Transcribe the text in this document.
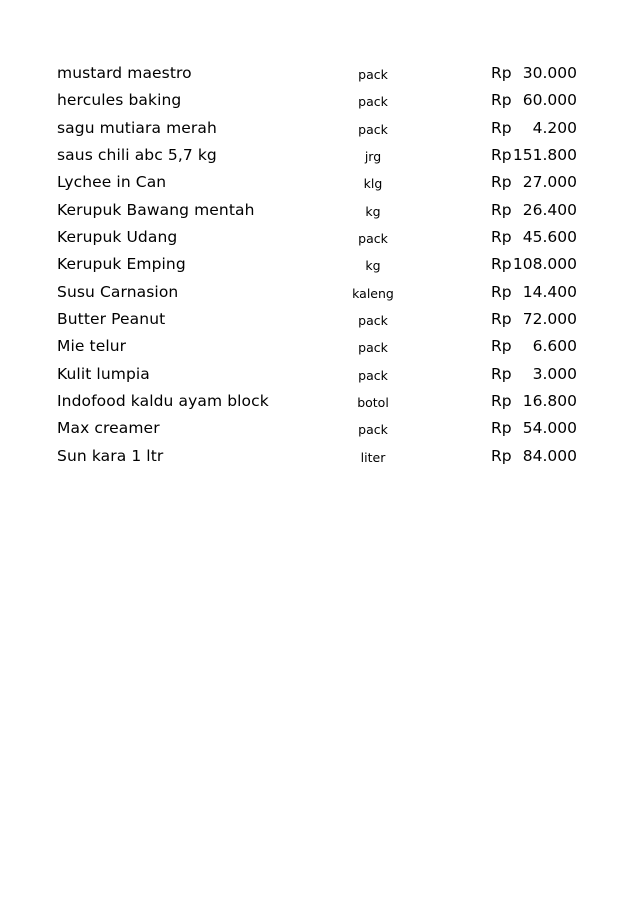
mustard maestro	pack	Rp 30.000
hercules baking	pack	Rp 60.000
sagu mutiara merah	pack	Rp	4.200
saus chili abc 5,7 kg	jrg	Rp 151.800
Lychee in Can	klg	Rp 27.000
Kerupuk Bawang mentah	kg	Rp 26.400
Kerupuk Udang	pack	Rp 45.600
Kerupuk Emping	kg	Rp 108.000
Susu Carnasion	kaleng	Rp 14.400
Butter Peanut	pack	Rp 72.000
Mie telur	pack	Rp	6.600
Kulit lumpia	pack	Rp	3.000
Indofood kaldu ayam block	botol	Rp 16.800
Max creamer	pack	Rp 54.000
Sun kara 1 ltr	liter	Rp 84.000
